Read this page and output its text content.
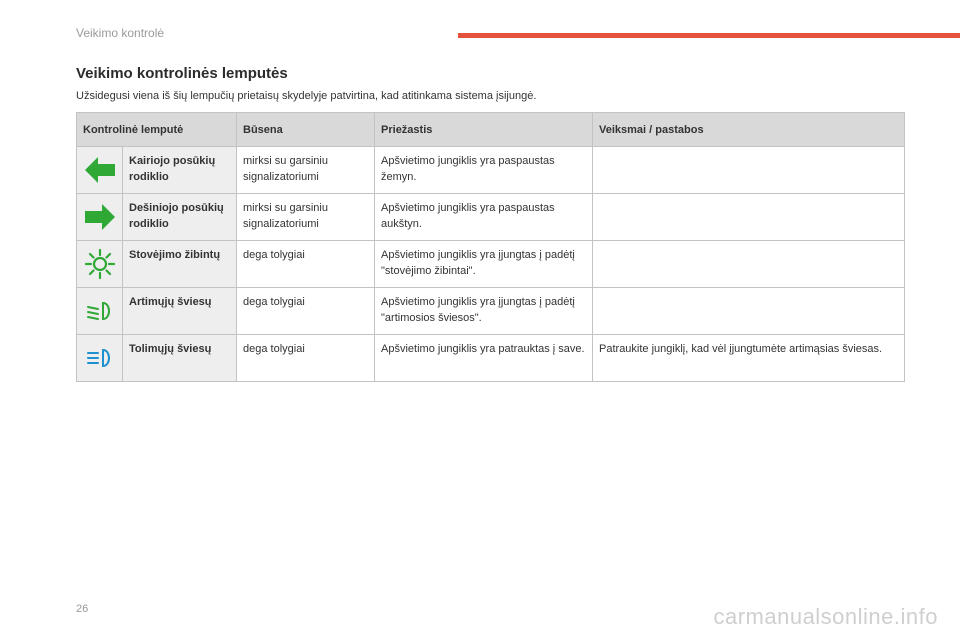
Veikimo kontrolė
Veikimo kontrolinės lemputės
Užsidegusi viena iš šių lempučių prietaisų skydelyje patvirtina, kad atitinkama sistema įsijungė.
Kontrolinė lemputė		Būsena	Priežastis	Veiksmai / pastabos

	Kairiojo posūkių rodiklio	mirksi su garsiniu signalizatoriumi	Apšvietimo jungiklis yra paspaustas žemyn.	

	Dešiniojo posūkių rodiklio	mirksi su garsiniu signalizatoriumi	Apšvietimo jungiklis yra paspaustas aukštyn.	

	Stovėjimo žibintų	dega tolygiai	Apšvietimo jungiklis yra įjungtas į padėtį "stovėjimo žibintai".	

	Artimųjų šviesų	dega tolygiai	Apšvietimo jungiklis yra įjungtas į padėtį "artimosios šviesos".	

	Tolimųjų šviesų	dega tolygiai	Apšvietimo jungiklis yra patrauktas į save.	Patraukite jungiklį, kad vėl įjungtumėte artimąsias šviesas.
26	carmanualsonline.info
